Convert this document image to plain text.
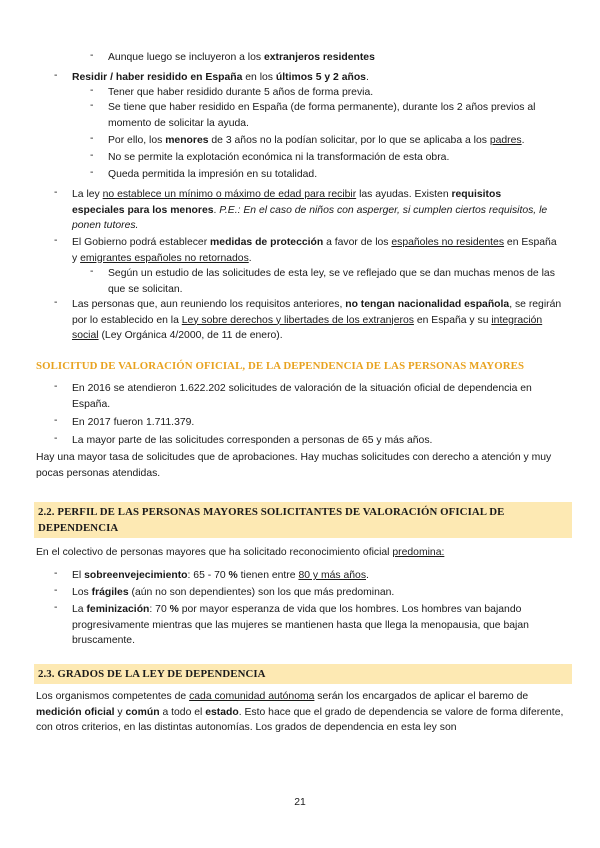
-	Aunque luego se incluyeron a los extranjeros residentes
-	Residir / haber residido en España en los últimos 5 y 2 años.
-	Tener que haber residido durante 5 años de forma previa.
-	Se tiene que haber residido en España (de forma permanente), durante los 2 años previos al momento de solicitar la ayuda.
-	Por ello, los menores de 3 años no la podían solicitar, por lo que se aplicaba a los padres.
-	No se permite la explotación económica ni la transformación de esta obra.
-	Queda permitida la impresión en su totalidad.
-	La ley no establece un mínimo o máximo de edad para recibir las ayudas. Existen requisitos especiales para los menores. P.E.: En el caso de niños con asperger, si cumplen ciertos requisitos, le ponen tutores.
-	El Gobierno podrá establecer medidas de protección a favor de los españoles no residentes en España y emigrantes españoles no retornados.
-	Según un estudio de las solicitudes de esta ley, se ve reflejado que se dan muchas menos de las que se solicitan.
-	Las personas que, aun reuniendo los requisitos anteriores, no tengan nacionalidad española, se regirán por lo establecido en la Ley sobre derechos y libertades de los extranjeros en España y su integración social (Ley Orgánica 4/2000, de 11 de enero).
SOLICITUD DE VALORACIÓN OFICIAL, DE LA DEPENDENCIA DE LAS PERSONAS MAYORES
-	En 2016 se atendieron 1.622.202 solicitudes de valoración de la situación oficial de dependencia en España.
-	En 2017 fueron 1.711.379.
-	La mayor parte de las solicitudes corresponden a personas de 65 y más años.
Hay una mayor tasa de solicitudes que de aprobaciones. Hay muchas solicitudes con derecho a atención y muy pocas personas atendidas.
2.2. PERFIL DE LAS PERSONAS MAYORES SOLICITANTES DE VALORACIÓN OFICIAL DE DEPENDENCIA
En el colectivo de personas mayores que ha solicitado reconocimiento oficial predomina:
-	El sobreenvejecimiento: 65 - 70 % tienen entre 80 y más años.
-	Los frágiles (aún no son dependientes) son los que más predominan.
-	La feminización: 70 % por mayor esperanza de vida que los hombres. Los hombres van bajando progresivamente mientras que las mujeres se mantienen hasta que llega la menopausia, que bajan bruscamente.
2.3. GRADOS DE LA LEY DE DEPENDENCIA
Los organismos competentes de cada comunidad autónoma serán los encargados de aplicar el baremo de medición oficial y común a todo el estado. Esto hace que el grado de dependencia se valore de forma diferente, con otros criterios, en las distintas autonomías. Los grados de dependencia en esta ley son
21
